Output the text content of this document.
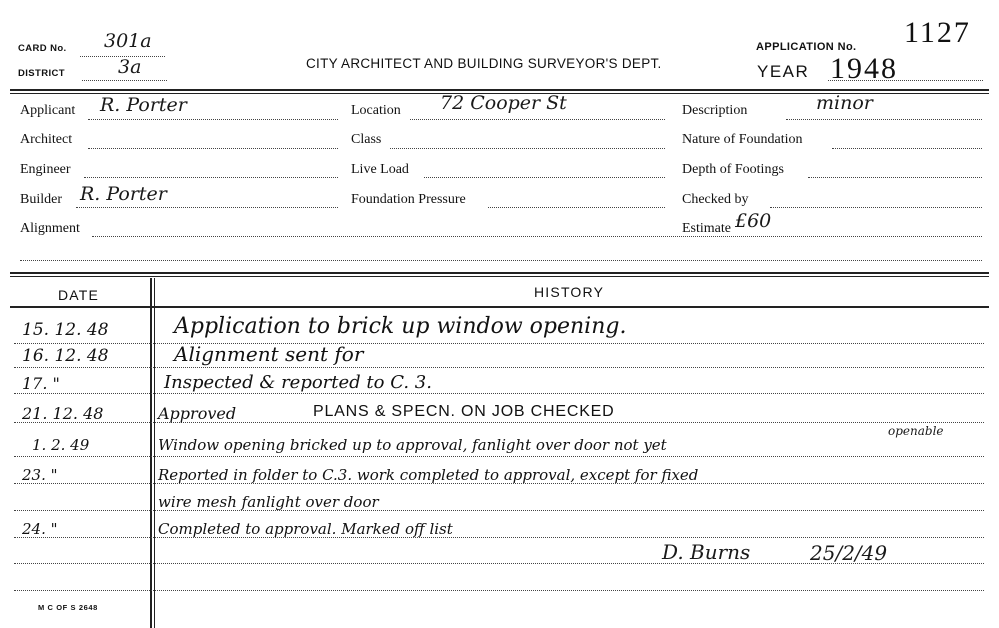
CARD No. 301a
DISTRICT	3a	CITY ARCHITECT AND BUILDING SURVEYOR'S DEPT.
APPLICATION No. 1127
YEAR 1948
Applicant R. Porter
Architect
Engineer
Builder R. Porter
Alignment
Location 72 Cooper St
Class
Live Load
Foundation Pressure
Description	minor
Nature of Foundation
Depth of Footings
Checked by
Estimate £60
DATE	HISTORY
15. 12. 48	Application to brick up window opening.
16. 12. 48	Alignment sent for
17. "	Inspected & reported to C. 3.
21. 12. 48	Approved	PLANS & SPECN. ON JOB CHECKED
1. 2. 49	Window opening bricked up to approval, fanlight over door not yet
openable
23. "	Reported in folder to C.3. work completed to approval, except for fixed
wire mesh fanlight over door
24. "	Completed to approval. Marked off list
D. Burns	25/2/49
M C OF S 2648
